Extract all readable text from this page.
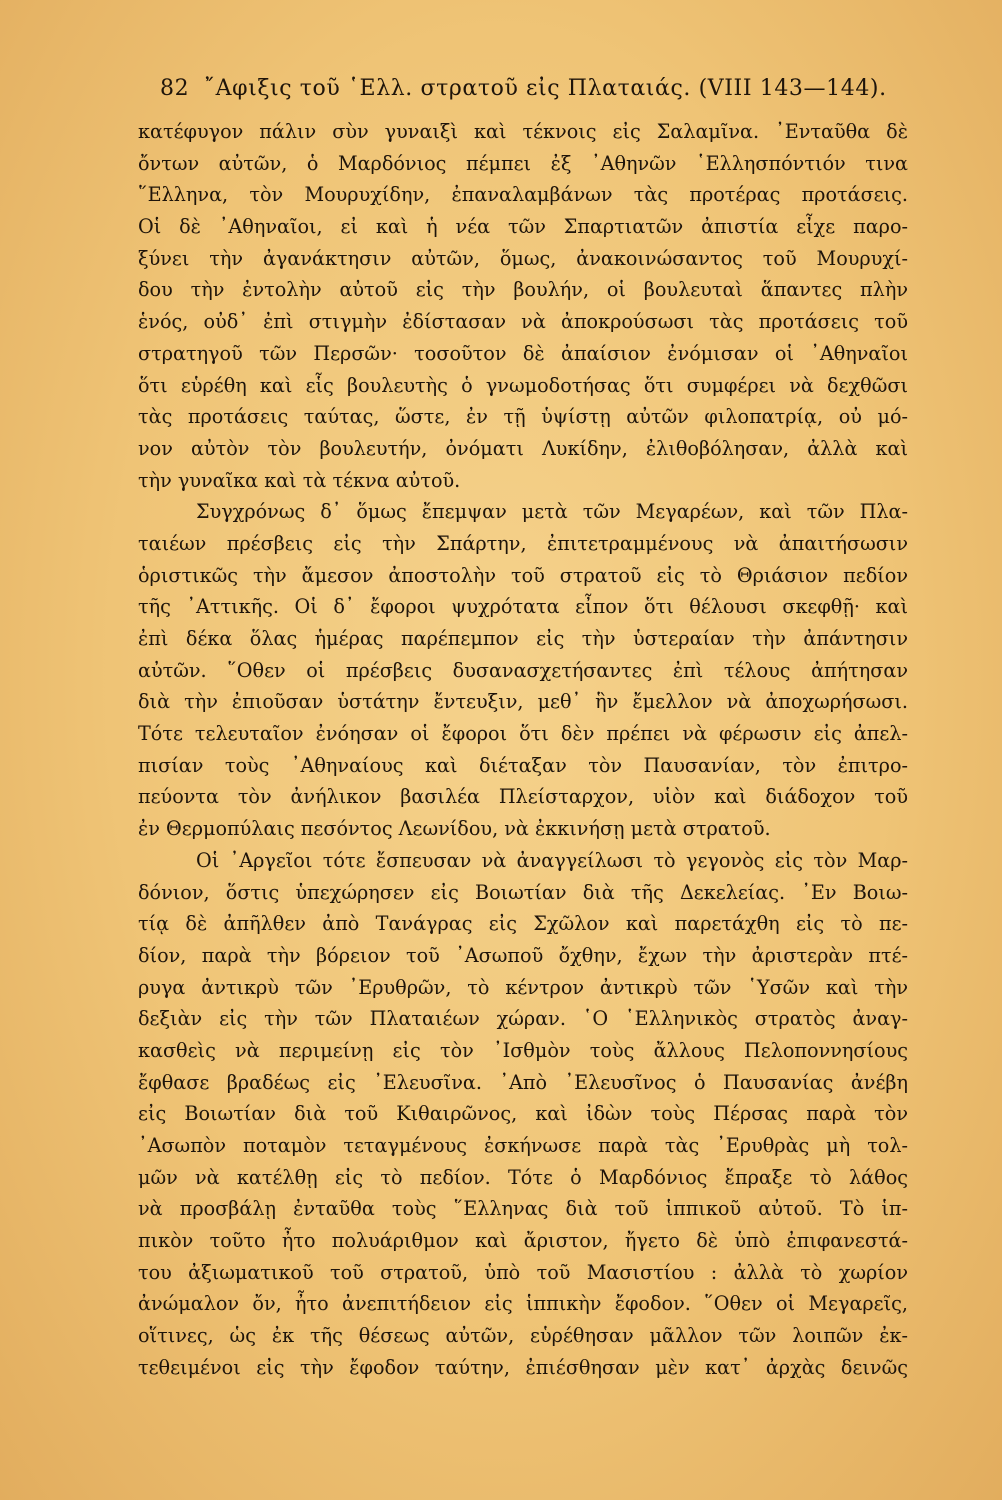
82 ῎Αφιξις τοῦ ῾Ελλ. στρατοῦ εἰς Πλαταιάς. (VIII 143—144).
κατέφυγον πάλιν σὺν γυναιξὶ καὶ τέκνοις εἰς Σαλαμῖνα. ᾿Ενταῦθα δὲ
ὄντων αὐτῶν, ὁ Μαρδόνιος πέμπει ἐξ ᾿Αθηνῶν ῾Ελλησπόντιόν τινα
῞Ελληνα, τὸν Μουρυχίδην, ἐπαναλαμβάνων τὰς προτέρας προτάσεις.
Οἱ δὲ ᾿Αθηναῖοι, εἰ καὶ ἡ νέα τῶν Σπαρτιατῶν ἀπιστία εἶχε παρο-
ξύνει τὴν ἀγανάκτησιν αὐτῶν, ὅμως, ἀνακοινώσαντος τοῦ Μουρυχί-
δου τὴν ἐντολὴν αὐτοῦ εἰς τὴν βουλήν, οἱ βουλευταὶ ἅπαντες πλὴν
ἑνός, οὐδ᾿ ἐπὶ στιγμὴν ἐδίστασαν νὰ ἀποκρούσωσι τὰς προτάσεις τοῦ
στρατηγοῦ τῶν Περσῶν· τοσοῦτον δὲ ἀπαίσιον ἐνόμισαν οἱ ᾿Αθηναῖοι
ὅτι εὑρέθη καὶ εἷς βουλευτὴς ὁ γνωμοδοτήσας ὅτι συμφέρει νὰ δεχθῶσι
τὰς προτάσεις ταύτας, ὥστε, ἐν τῇ ὑψίστῃ αὐτῶν φιλοπατρίᾳ, οὐ μό-
νον αὐτὸν τὸν βουλευτήν, ὀνόματι Λυκίδην, ἐλιθοβόλησαν, ἀλλὰ καὶ
τὴν γυναῖκα καὶ τὰ τέκνα αὐτοῦ.
Συγχρόνως δ᾿ ὅμως ἔπεμψαν μετὰ τῶν Μεγαρέων, καὶ τῶν Πλα-
ταιέων πρέσβεις εἰς τὴν Σπάρτην, ἐπιτετραμμένους νὰ ἀπαιτήσωσιν
ὁριστικῶς τὴν ἄμεσον ἀποστολὴν τοῦ στρατοῦ εἰς τὸ Θριάσιον πεδίον
τῆς ᾿Αττικῆς. Οἱ δ᾿ ἔφοροι ψυχρότατα εἶπον ὅτι θέλουσι σκεφθῇ· καὶ
ἐπὶ δέκα ὅλας ἡμέρας παρέπεμπον εἰς τὴν ὑστεραίαν τὴν ἀπάντησιν
αὐτῶν. ῞Οθεν οἱ πρέσβεις δυσανασχετήσαντες ἐπὶ τέλους ἀπήτησαν
διὰ τὴν ἐπιοῦσαν ὑστάτην ἔντευξιν, μεθ᾿ ἣν ἔμελλον νὰ ἀποχωρήσωσι.
Τότε τελευταῖον ἐνόησαν οἱ ἔφοροι ὅτι δὲν πρέπει νὰ φέρωσιν εἰς ἀπελ-
πισίαν τοὺς ᾿Αθηναίους καὶ διέταξαν τὸν Παυσανίαν, τὸν ἐπιτρο-
πεύοντα τὸν ἀνήλικον βασιλέα Πλείσταρχον, υἱὸν καὶ διάδοχον τοῦ
ἐν Θερμοπύλαις πεσόντος Λεωνίδου, νὰ ἐκκινήσῃ μετὰ στρατοῦ.
Οἱ ᾿Αργεῖοι τότε ἔσπευσαν νὰ ἀναγγείλωσι τὸ γεγονὸς εἰς τὸν Μαρ-
δόνιον, ὅστις ὑπεχώρησεν εἰς Βοιωτίαν διὰ τῆς Δεκελείας. ᾿Εν Βοιω-
τίᾳ δὲ ἀπῆλθεν ἀπὸ Τανάγρας εἰς Σχῶλον καὶ παρετάχθη εἰς τὸ πε-
δίον, παρὰ τὴν βόρειον τοῦ ᾿Ασωποῦ ὄχθην, ἔχων τὴν ἀριστερὰν πτέ-
ρυγα ἀντικρὺ τῶν ᾿Ερυθρῶν, τὸ κέντρον ἀντικρὺ τῶν ῾Υσῶν καὶ τὴν
δεξιὰν εἰς τὴν τῶν Πλαταιέων χώραν. ῾Ο ῾Ελληνικὸς στρατὸς ἀναγ-
κασθεὶς νὰ περιμείνῃ εἰς τὸν ᾿Ισθμὸν τοὺς ἄλλους Πελοποννησίους
ἔφθασε βραδέως εἰς ᾿Ελευσῖνα. ᾿Απὸ ᾿Ελευσῖνος ὁ Παυσανίας ἀνέβη
εἰς Βοιωτίαν διὰ τοῦ Κιθαιρῶνος, καὶ ἰδὼν τοὺς Πέρσας παρὰ τὸν
᾿Ασωπὸν ποταμὸν τεταγμένους ἐσκήνωσε παρὰ τὰς ᾿Ερυθρὰς μὴ τολ-
μῶν νὰ κατέλθῃ εἰς τὸ πεδίον. Τότε ὁ Μαρδόνιος ἔπραξε τὸ λάθος
νὰ προσβάλῃ ἐνταῦθα τοὺς ῞Ελληνας διὰ τοῦ ἱππικοῦ αὐτοῦ. Τὸ ἱπ-
πικὸν τοῦτο ἦτο πολυάριθμον καὶ ἄριστον, ἤγετο δὲ ὑπὸ ἐπιφανεστά-
του ἀξιωματικοῦ τοῦ στρατοῦ, ὑπὸ τοῦ Μασιστίου : ἀλλὰ τὸ χωρίον
ἀνώμαλον ὄν, ἦτο ἀνεπιτήδειον εἰς ἱππικὴν ἔφοδον. ῞Οθεν οἱ Μεγαρεῖς,
οἵτινες, ὡς ἐκ τῆς θέσεως αὐτῶν, εὑρέθησαν μᾶλλον τῶν λοιπῶν ἐκ-
τεθειμένοι εἰς τὴν ἔφοδον ταύτην, ἐπιέσθησαν μὲν κατ᾿ ἀρχὰς δεινῶς
